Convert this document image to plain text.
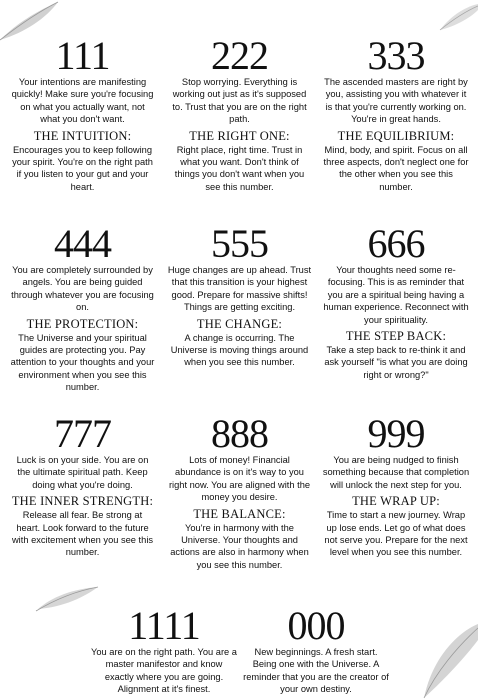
111
Your intentions are manifesting quickly! Make sure you're focusing on what you actually want, not what you don't want.
THE INTUITION:
Encourages you to keep following your spirit. You're on the right path if you listen to your gut and your heart.
222
Stop worrying. Everything is working out just as it's supposed to. Trust that you are on the right path.
THE RIGHT ONE:
Right place, right time. Trust in what you want. Don't think of things you don't want when you see this number.
333
The ascended masters are right by you, assisting you with whatever it is that you're currently working on. You're in great hands.
THE EQUILIBRIUM:
Mind, body, and spirit. Focus on all three aspects, don't neglect one for the other when you see this number.
444
You are completely surrounded by angels. You are being guided through whatever you are focusing on.
THE PROTECTION:
The Universe and your spiritual guides are protecting you. Pay attention to your thoughts and your environment when you see this number.
555
Huge changes are up ahead. Trust that this transition is your highest good. Prepare for massive shifts! Things are getting exciting.
THE CHANGE:
A change is occurring. The Universe is moving things around when you see this number.
666
Your thoughts need some re-focusing. This is as reminder that you are a spiritual being having a human experience. Reconnect with your spirituality.
THE STEP BACK:
Take a step back to re-think it and ask yourself "is what you are doing right or wrong?"
777
Luck is on your side. You are on the ultimate spiritual path. Keep doing what you're doing.
THE INNER STRENGTH:
Release all fear. Be strong at heart. Look forward to the future with excitement when you see this number.
888
Lots of money! Financial abundance is on it's way to you right now. You are aligned with the money you desire.
THE BALANCE:
You're in harmony with the Universe. Your thoughts and actions are also in harmony when you see this number.
999
You are being nudged to finish something because that completion will unlock the next step for you.
THE WRAP UP:
Time to start a new journey. Wrap up lose ends. Let go of what does not serve you. Prepare for the next level when you see this number.
1111
You are on the right path. You are a master manifestor and know exactly where you are going. Alignment at it's finest.
000
New beginnings. A fresh start. Being one with the Universe. A reminder that you are the creator of your own destiny.
